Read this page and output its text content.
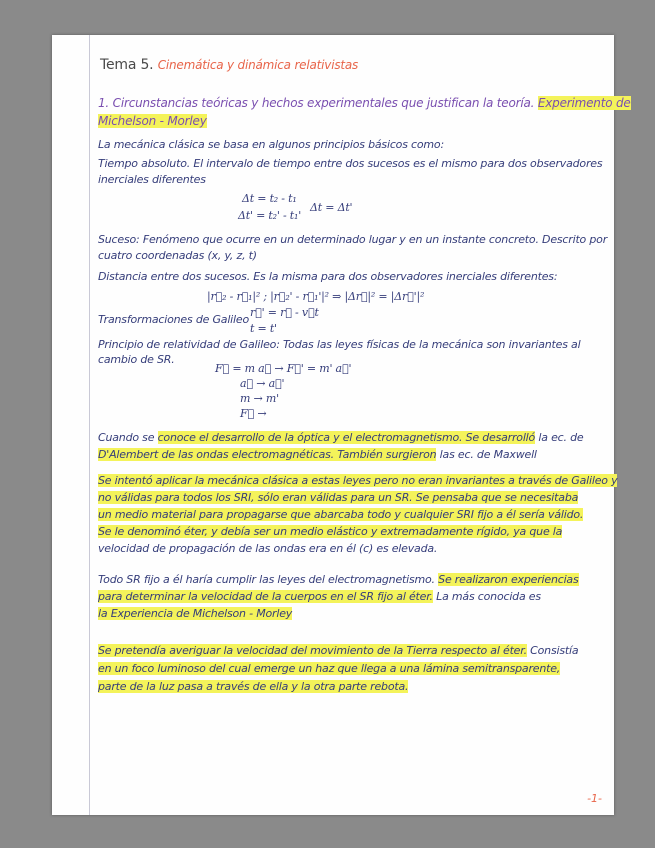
Tema 5. Cinemática y dinámica relativistas
1. Circunstancias teóricas y hechos experimentales que justifican la teoría. Experimento de
Michelson - Morley
La mecánica clásica se basa en algunos principios básicos como:
Tiempo absoluto. El intervalo de tiempo entre dos sucesos es el mismo para dos observadores
inerciales diferentes
Δt = t₂ - t₁
Δt' = t₂' - t₁'
Δt = Δt'
Suceso: Fenómeno que ocurre en un determinado lugar y en un instante concreto. Descrito por
cuatro coordenadas (x, y, z, t)
Distancia entre dos sucesos. Es la misma para dos observadores inerciales diferentes:
|r⃗₂ - r⃗₁|² ; |r⃗₂' - r⃗₁'|² ⇒ |Δr⃗|² = |Δr⃗'|²
Transformaciones de Galileo
r⃗' = r⃗ - v⃗t
t = t'
Principio de relatividad de Galileo: Todas las leyes físicas de la mecánica son invariantes al
cambio de SR.
F⃗ = m a⃗ → F⃗' = m' a⃗'
a⃗ → a⃗'
m → m'
F⃗ →
Cuando se conoce el desarrollo de la óptica y el electromagnetismo. Se desarrolló la ec. de
D'Alembert de las ondas electromagnéticas. También surgieron las ec. de Maxwell
Se intentó aplicar la mecánica clásica a estas leyes pero no eran invariantes a través de Galileo y
no válidas para todos los SRI, sólo eran válidas para un SR. Se pensaba que se necesitaba
un medio material para propagarse que abarcaba todo y cualquier SRI fijo a él sería válido.
Se le denominó éter, y debía ser un medio elástico y extremadamente rígido, ya que la
velocidad de propagación de las ondas era en él (c) es elevada.
Todo SR fijo a él haría cumplir las leyes del electromagnetismo. Se realizaron experiencias
para determinar la velocidad de la cuerpos en el SR fijo al éter. La más conocida es
la Experiencia de Michelson - Morley
Se pretendía averiguar la velocidad del movimiento de la Tierra respecto al éter. Consistía
en un foco luminoso del cual emerge un haz que llega a una lámina semitransparente,
parte de la luz pasa a través de ella y la otra parte rebota.
-1-
